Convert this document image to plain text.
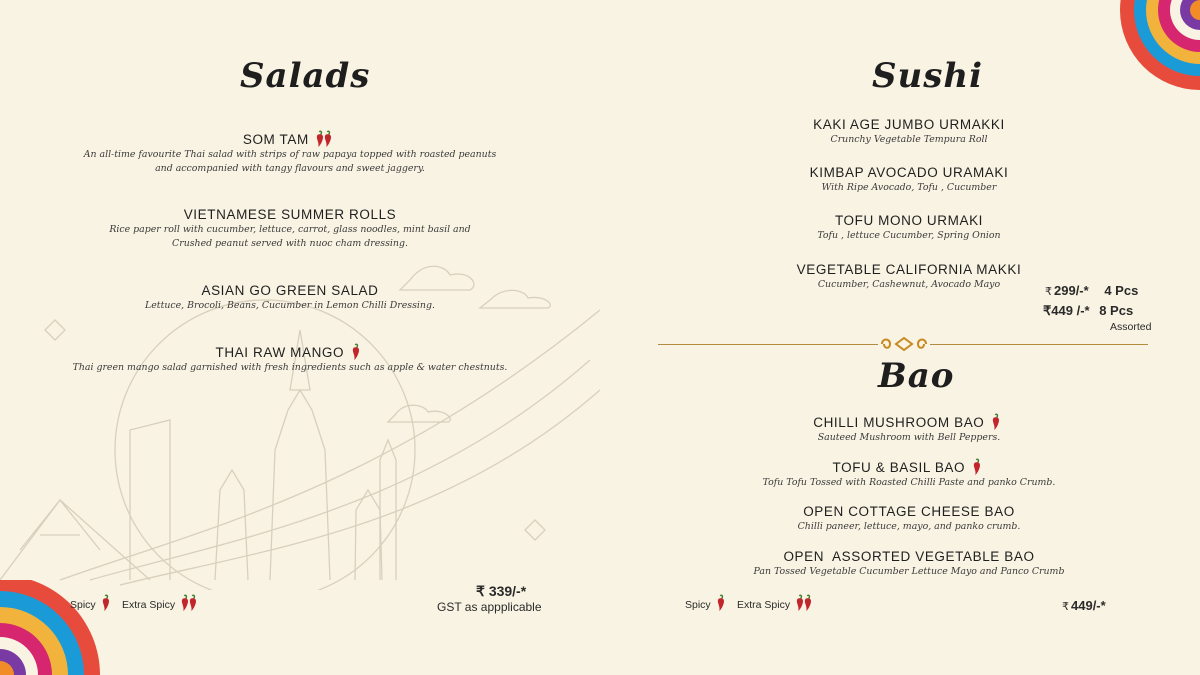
Salads
SOM TAM
An all-time favourite Thai salad with strips of raw papaya topped with roasted peanuts
and accompanied with tangy flavours and sweet jaggery.
VIETNAMESE SUMMER ROLLS
Rice paper roll with cucumber, lettuce, carrot, glass noodles, mint basil and
Crushed peanut served with nuoc cham dressing.
ASIAN GO GREEN SALAD
Lettuce, Brocoli, Beans, Cucumber in Lemon Chilli Dressing.
THAI RAW MANGO
Thai green mango salad garnished with fresh ingredients such as apple & water chestnuts.
Spicy	Extra Spicy
₹ 339/-*
GST as appplicable
Sushi
KAKI AGE JUMBO URMAKKI
Crunchy Vegetable Tempura Roll
KIMBAP AVOCADO URAMAKI
With Ripe Avocado, Tofu , Cucumber
TOFU MONO URMAKI
Tofu , lettuce Cucumber, Spring Onion
VEGETABLE CALIFORNIA MAKKI
Cucumber, Cashewnut, Avocado Mayo
₹ 299/-* 4 Pcs
₹449 /-* 8 Pcs
Assorted
Bao
CHILLI MUSHROOM BAO
Sauteed Mushroom with Bell Peppers.
TOFU & BASIL BAO
Tofu Tofu Tossed with Roasted Chilli Paste and panko Crumb.
OPEN COTTAGE CHEESE BAO
Chilli paneer, lettuce, mayo, and panko crumb.
OPEN  ASSORTED VEGETABLE BAO
Pan Tossed Vegetable Cucumber Lettuce Mayo and Panco Crumb
Spicy	Extra Spicy	₹ 449/-*
